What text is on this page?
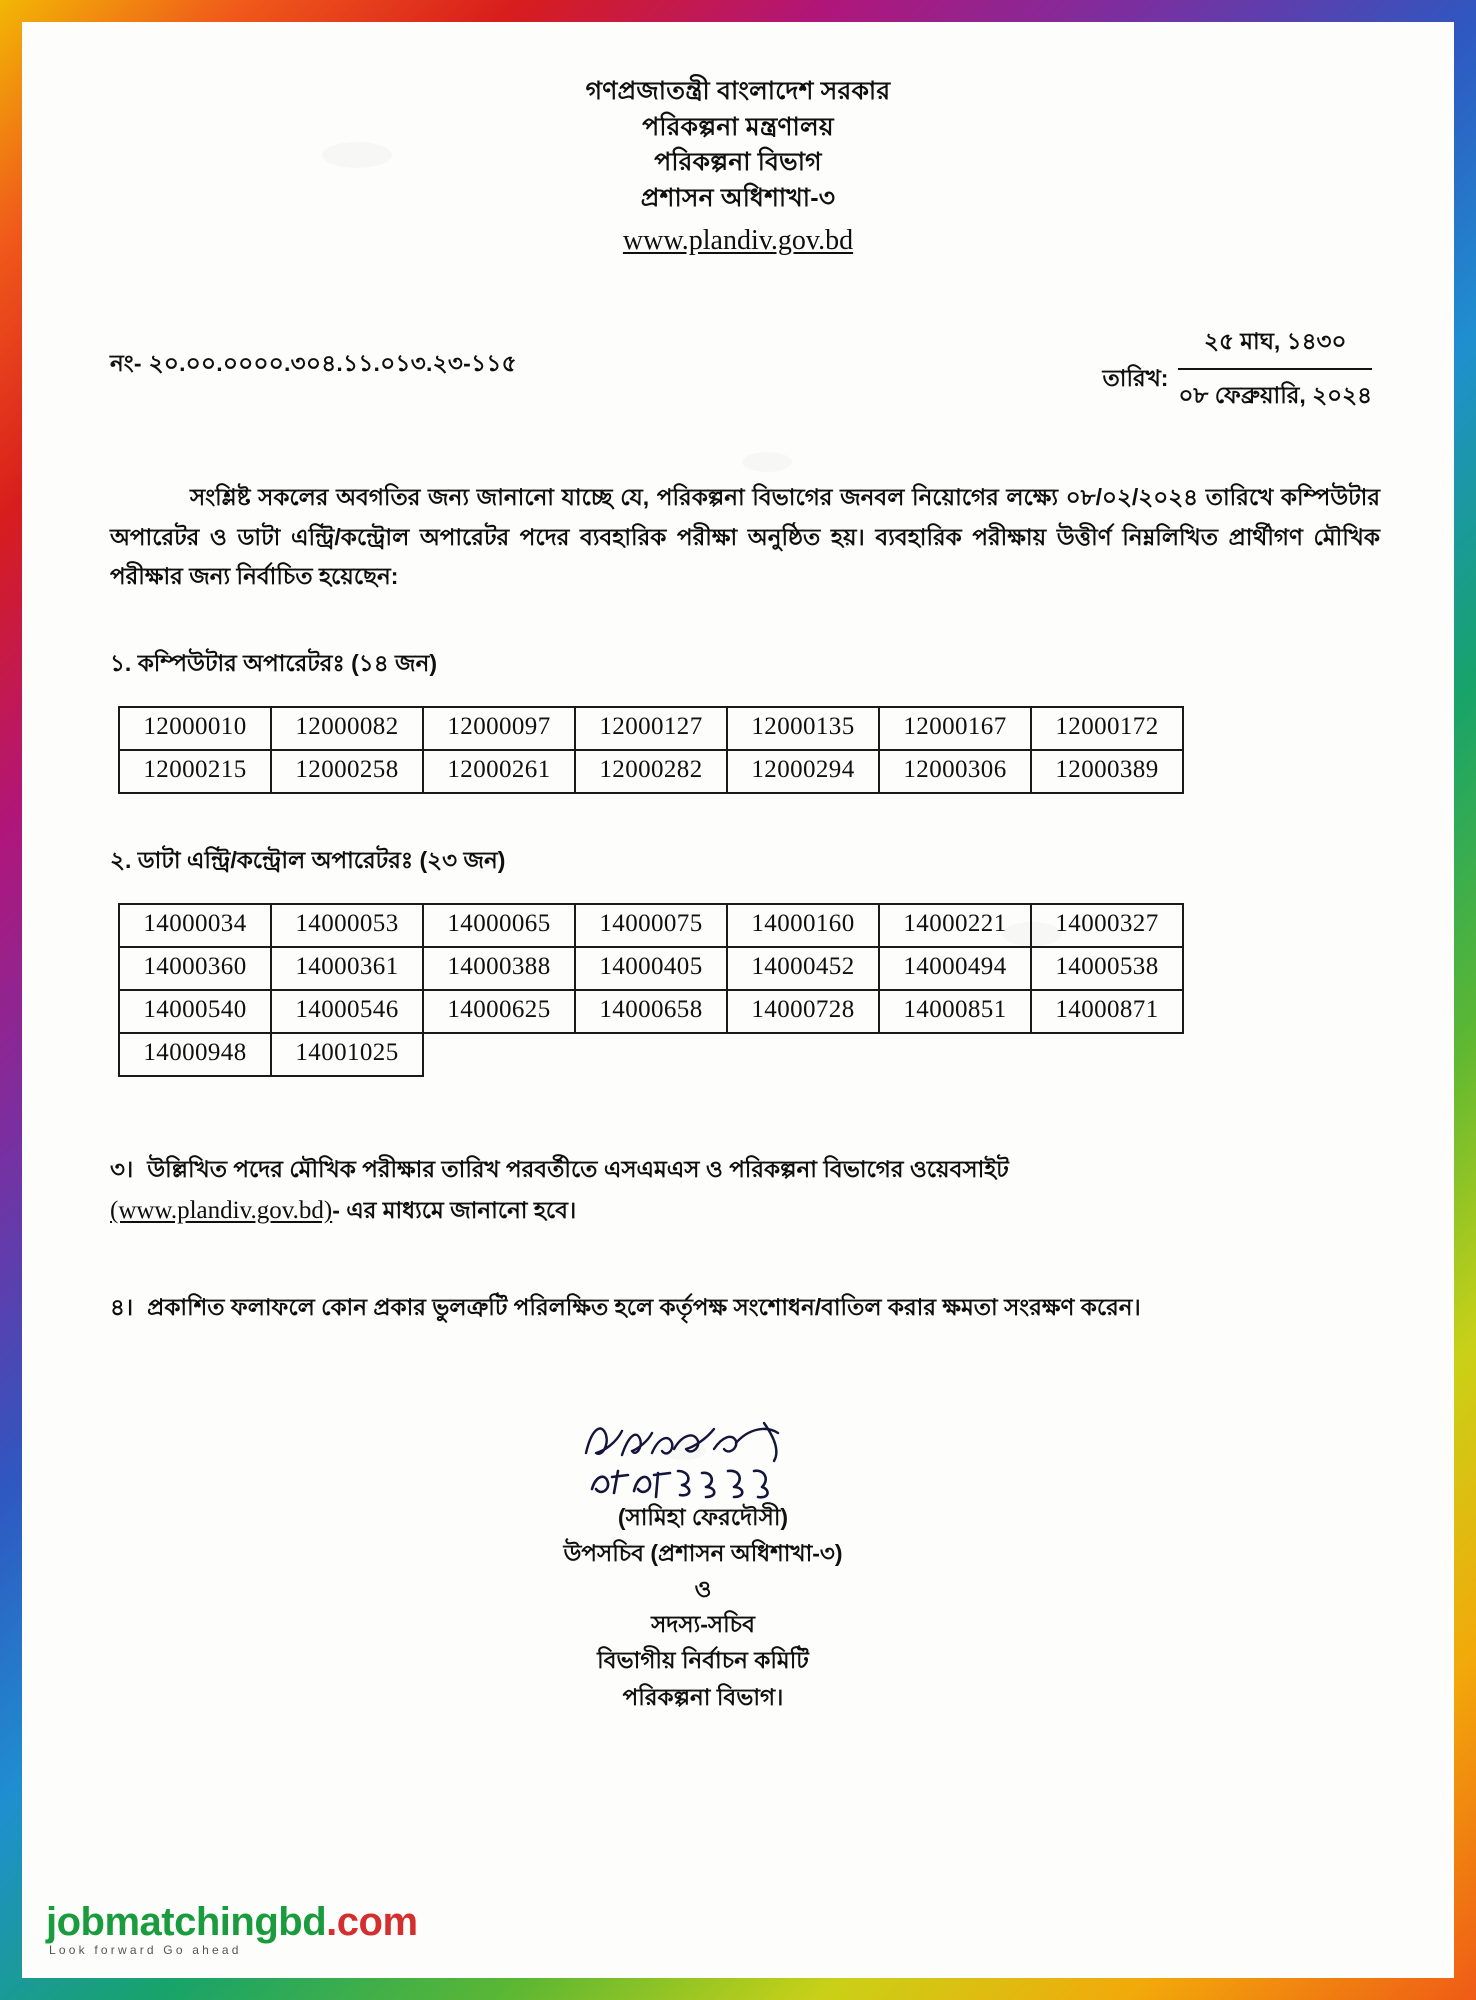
গণপ্রজাতন্ত্রী বাংলাদেশ সরকার
পরিকল্পনা মন্ত্রণালয়
পরিকল্পনা বিভাগ
প্রশাসন অধিশাখা-৩
www.plandiv.gov.bd
নং- ২০.০০.০০০০.৩০৪.১১.০১৩.২৩-১১৫
তারিখ:
২৫ মাঘ, ১৪৩০
০৮ ফেব্রুয়ারি, ২০২৪

সংশ্লিষ্ট সকলের অবগতির জন্য জানানো যাচ্ছে যে, পরিকল্পনা বিভাগের জনবল নিয়োগের লক্ষ্যে ০৮/০২/২০২৪ তারিখে কম্পিউটার অপারেটর ও ডাটা এন্ট্রি/কন্ট্রোল অপারেটর পদের ব্যবহারিক পরীক্ষা অনুষ্ঠিত হয়। ব্যবহারিক পরীক্ষায় উত্তীর্ণ নিম্নলিখিত প্রার্থীগণ মৌখিক পরীক্ষার জন্য নির্বাচিত হয়েছেন:

১. কম্পিউটার অপারেটরঃ (১৪ জন)
12000010	12000082	12000097	12000127	12000135	12000167	12000172
12000215	12000258	12000261	12000282	12000294	12000306	12000389
২. ডাটা এন্ট্রি/কন্ট্রোল অপারেটরঃ (২৩ জন)
14000034	14000053	14000065	14000075	14000160	14000221	14000327
14000360	14000361	14000388	14000405	14000452	14000494	14000538
14000540	14000546	14000625	14000658	14000728	14000851	14000871
14000948	14001025					
৩। উল্লিখিত পদের মৌখিক পরীক্ষার তারিখ পরবর্তীতে এসএমএস ও পরিকল্পনা বিভাগের ওয়েবসাইট
(www.plandiv.gov.bd)- এর মাধ্যমে জানানো হবে।
৪। প্রকাশিত ফলাফলে কোন প্রকার ভুলত্রুটি পরিলক্ষিত হলে কর্তৃপক্ষ সংশোধন/বাতিল করার ক্ষমতা সংরক্ষণ করেন।
(সামিহা ফেরদৌসী)
উপসচিব (প্রশাসন অধিশাখা-৩)
ও
সদস্য-সচিব
বিভাগীয় নির্বাচন কমিটি
পরিকল্পনা বিভাগ।
jobmatchingbd.com
Look forward Go ahead
